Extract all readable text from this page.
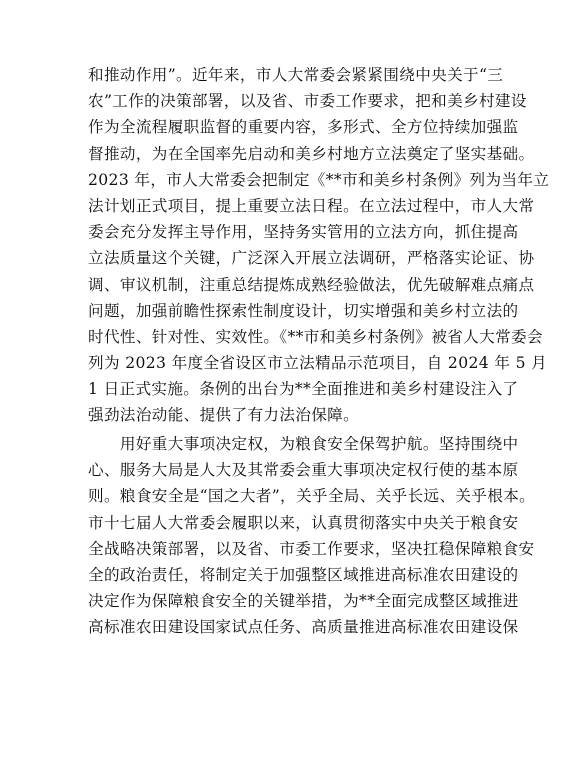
和推动作用”。近年来，市人大常委会紧紧围绕中央关于“三
农”工作的决策部署，以及省、市委工作要求，把和美乡村建设
作为全流程履职监督的重要内容，多形式、全方位持续加强监
督推动，为在全国率先启动和美乡村地方立法奠定了坚实基础。
2023 年，市人大常委会把制定《**市和美乡村条例》列为当年立
法计划正式项目，提上重要立法日程。在立法过程中，市人大常
委会充分发挥主导作用，坚持务实管用的立法方向，抓住提高
立法质量这个关键，广泛深入开展立法调研，严格落实论证、协
调、审议机制，注重总结提炼成熟经验做法，优先破解难点痛点
问题，加强前瞻性探索性制度设计，切实增强和美乡村立法的
时代性、针对性、实效性。《**市和美乡村条例》被省人大常委会
列为 2023 年度全省设区市立法精品示范项目，自 2024 年 5 月
1 日正式实施。条例的出台为**全面推进和美乡村建设注入了
强劲法治动能、提供了有力法治保障。
　　用好重大事项决定权，为粮食安全保驾护航。坚持围绕中
心、服务大局是人大及其常委会重大事项决定权行使的基本原
则。粮食安全是“国之大者”，关乎全局、关乎长远、关乎根本。
市十七届人大常委会履职以来，认真贯彻落实中央关于粮食安
全战略决策部署，以及省、市委工作要求，坚决扛稳保障粮食安
全的政治责任，将制定关于加强整区域推进高标准农田建设的
决定作为保障粮食安全的关键举措，为**全面完成整区域推进
高标准农田建设国家试点任务、高质量推进高标准农田建设保
